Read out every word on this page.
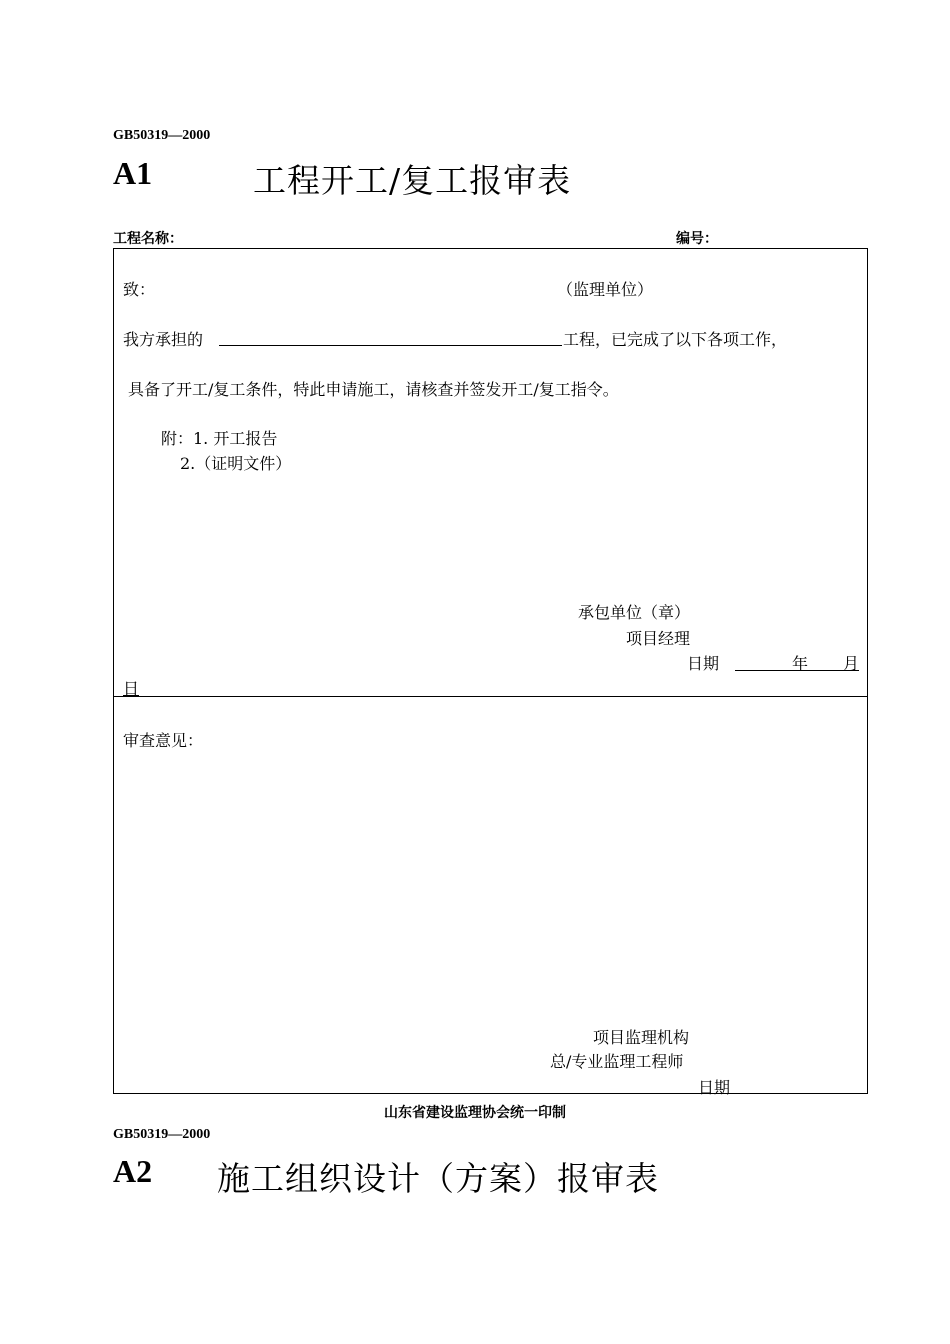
GB50319—2000
A1	工程开工/复工报审表
工程名称：	编号：
致：	（监理单位）
我方承担的	工程，已完成了以下各项工作，
具备了开工/复工条件，特此申请施工，请核查并签发开工/复工指令。
附：1. 开工报告
2.（证明文件）
承包单位（章）
项目经理
日期	年 月
日
审查意见：
项目监理机构
总/专业监理工程师
日期
山东省建设监理协会统一印制
GB50319—2000
A2 施工组织设计（方案）报审表
